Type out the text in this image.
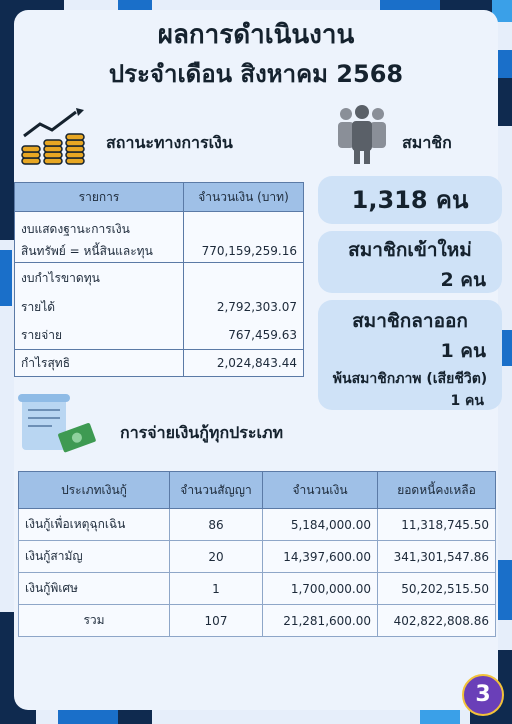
ผลการดำเนินงาน
ประจำเดือน สิงหาคม 2568
สถานะทางการเงิน	สมาชิก
รายการ	จำนวนเงิน (บาท)
งบแสดงฐานะการเงิน	
สินทรัพย์ = หนี้สินและทุน	770,159,259.16
งบกำไรขาดทุน	
รายได้	2,792,303.07
รายจ่าย	767,459.63
กำไรสุทธิ	2,024,843.44
1,318 คน
สมาชิกเข้าใหม่
2 คน
สมาชิกลาออก
1 คน
พ้นสมาชิกภาพ (เสียชีวิต)
1 คน
การจ่ายเงินกู้ทุกประเภท
ประเภทเงินกู้	จำนวนสัญญา	จำนวนเงิน	ยอดหนี้คงเหลือ
เงินกู้เพื่อเหตุฉุกเฉิน	86	5,184,000.00	11,318,745.50
เงินกู้สามัญ	20	14,397,600.00	341,301,547.86
เงินกู้พิเศษ	1	1,700,000.00	50,202,515.50
รวม	107	21,281,600.00	402,822,808.86
3
